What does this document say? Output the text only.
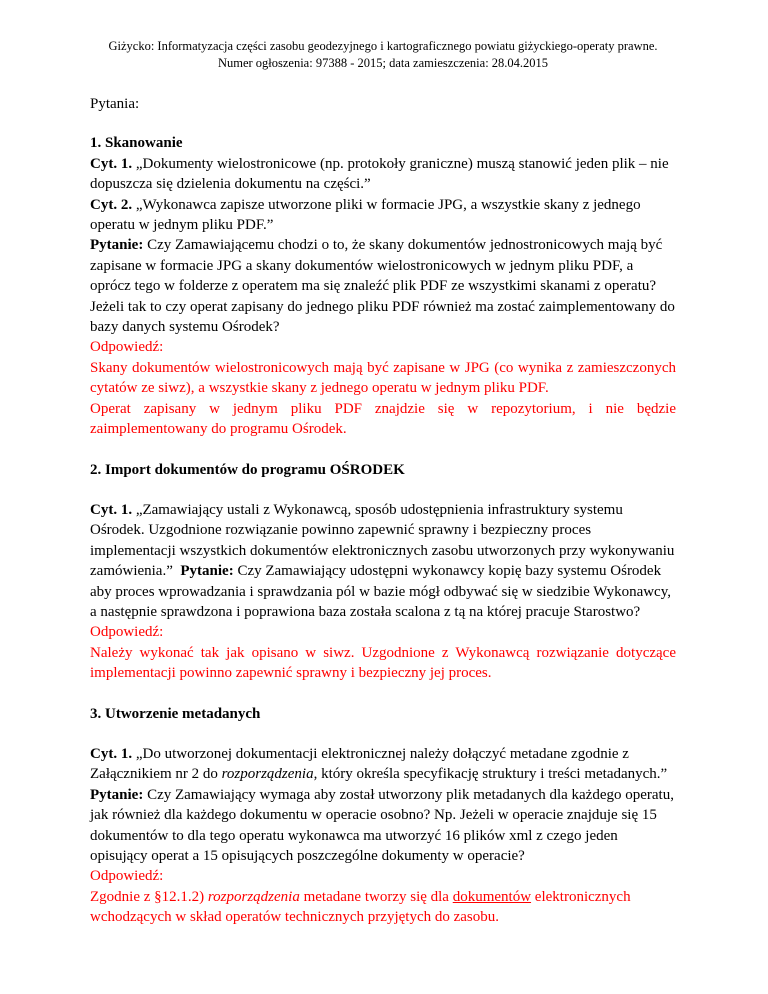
Giżycko: Informatyzacja części zasobu geodezyjnego i kartograficznego powiatu giżyckiego-operaty prawne.
Numer ogłoszenia: 97388 - 2015; data zamieszczenia: 28.04.2015

Pytania:

1. Skanowanie

Cyt. 1. „Dokumenty wielostronicowe (np. protokoły graniczne) muszą stanowić jeden plik – nie dopuszcza się dzielenia dokumentu na części.”

Cyt. 2. „Wykonawca zapisze utworzone pliki w formacie JPG, a wszystkie skany z jednego operatu w jednym pliku PDF.”

Pytanie: Czy Zamawiającemu chodzi o to, że skany dokumentów jednostronicowych mają być zapisane w formacie JPG a skany dokumentów wielostronicowych w jednym pliku PDF, a oprócz tego w folderze z operatem ma się znaleźć plik PDF ze wszystkimi skanami z operatu? Jeżeli tak to czy operat zapisany do jednego pliku PDF również ma zostać zaimplementowany do bazy danych systemu Ośrodek?

Odpowiedź:

Skany dokumentów wielostronicowych mają być zapisane w JPG (co wynika z zamieszczonych cytatów ze siwz), a wszystkie skany z jednego operatu w jednym pliku PDF.

Operat zapisany w jednym pliku PDF znajdzie się w repozytorium, i nie będzie zaimplementowany do programu Ośrodek.

2. Import dokumentów do programu OŚRODEK

Cyt. 1. „Zamawiający ustali z Wykonawcą, sposób udostępnienia infrastruktury systemu Ośrodek. Uzgodnione rozwiązanie powinno zapewnić sprawny i bezpieczny proces implementacji wszystkich dokumentów elektronicznych zasobu utworzonych przy wykonywaniu zamówienia.” Pytanie: Czy Zamawiający udostępni wykonawcy kopię bazy systemu Ośrodek aby proces wprowadzania i sprawdzania pól w bazie mógł odbywać się w siedzibie Wykonawcy, a następnie sprawdzona i poprawiona baza została scalona z tą na której pracuje Starostwo?

Odpowiedź:

Należy wykonać tak jak opisano w siwz. Uzgodnione z Wykonawcą rozwiązanie dotyczące implementacji powinno zapewnić sprawny i bezpieczny jej proces.

3. Utworzenie metadanych

Cyt. 1. „Do utworzonej dokumentacji elektronicznej należy dołączyć metadane zgodnie z Załącznikiem nr 2 do rozporządzenia, który określa specyfikację struktury i treści metadanych.”

Pytanie: Czy Zamawiający wymaga aby został utworzony plik metadanych dla każdego operatu, jak również dla każdego dokumentu w operacie osobno? Np. Jeżeli w operacie znajduje się 15 dokumentów to dla tego operatu wykonawca ma utworzyć 16 plików xml z czego jeden opisujący operat a 15 opisujących poszczególne dokumenty w operacie?

Odpowiedź:

Zgodnie z §12.1.2) rozporządzenia metadane tworzy się dla dokumentów elektronicznych wchodzących w skład operatów technicznych przyjętych do zasobu.
